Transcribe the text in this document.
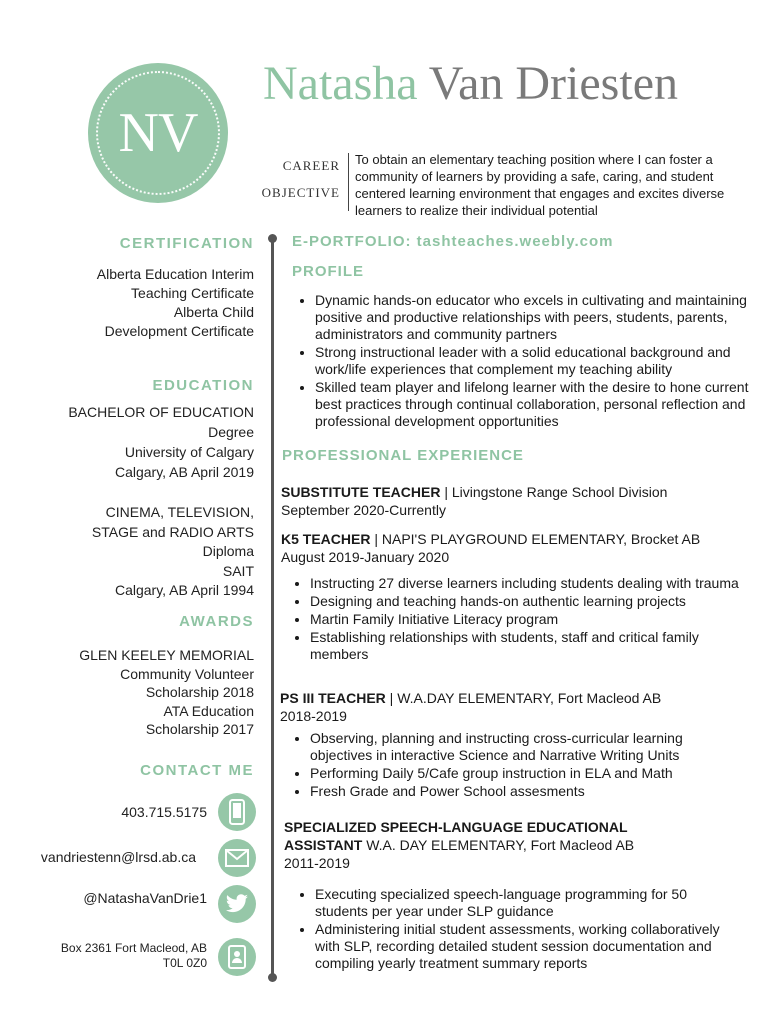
NV
Natasha Van Driesten
CAREER
OBJECTIVE
To obtain an elementary teaching position where I can foster a community of learners by providing a safe, caring, and student centered learning environment that engages and excites diverse learners to realize their individual potential
CERTIFICATION
Alberta Education Interim
Teaching Certificate
Alberta Child
Development Certificate
EDUCATION
BACHELOR OF EDUCATION
Degree
University of Calgary
Calgary, AB April 2019
CINEMA, TELEVISION,
STAGE and RADIO ARTS
Diploma
SAIT
Calgary, AB April 1994
AWARDS
GLEN KEELEY MEMORIAL
Community Volunteer
Scholarship 2018
ATA Education
Scholarship 2017
CONTACT ME
403.715.5175
vandriestenn@lrsd.ab.ca
@NatashaVanDrie1
Box 2361 Fort Macleod, AB
T0L 0Z0
E-PORTFOLIO: tashteaches.weebly.com
PROFILE
• Dynamic hands-on educator who excels in cultivating and maintaining positive and productive relationships with peers, students, parents, administrators and community partners
• Strong instructional leader with a solid educational background and work/life experiences that complement my teaching ability
• Skilled team player and lifelong learner with the desire to hone current best practices through continual collaboration, personal reflection and professional development opportunities
PROFESSIONAL EXPERIENCE
SUBSTITUTE TEACHER | Livingstone Range School Division
September 2020-Currently
K5 TEACHER | NAPI'S PLAYGROUND ELEMENTARY, Brocket AB
August 2019-January 2020
• Instructing 27 diverse learners including students dealing with trauma
• Designing and teaching hands-on authentic learning projects
• Martin Family Initiative Literacy program
• Establishing relationships with students, staff and critical family members
PS III TEACHER | W.A.DAY ELEMENTARY, Fort Macleod AB
2018-2019
• Observing, planning and instructing cross-curricular learning objectives in interactive Science and Narrative Writing Units
• Performing Daily 5/Cafe group instruction in ELA and Math
• Fresh Grade and Power School assesments
SPECIALIZED SPEECH-LANGUAGE EDUCATIONAL
ASSISTANT W.A. DAY ELEMENTARY, Fort Macleod AB
2011-2019
• Executing specialized speech-language programming for 50 students per year under SLP guidance
• Administering initial student assessments, working collaboratively with SLP, recording detailed student session documentation and compiling yearly treatment summary reports
